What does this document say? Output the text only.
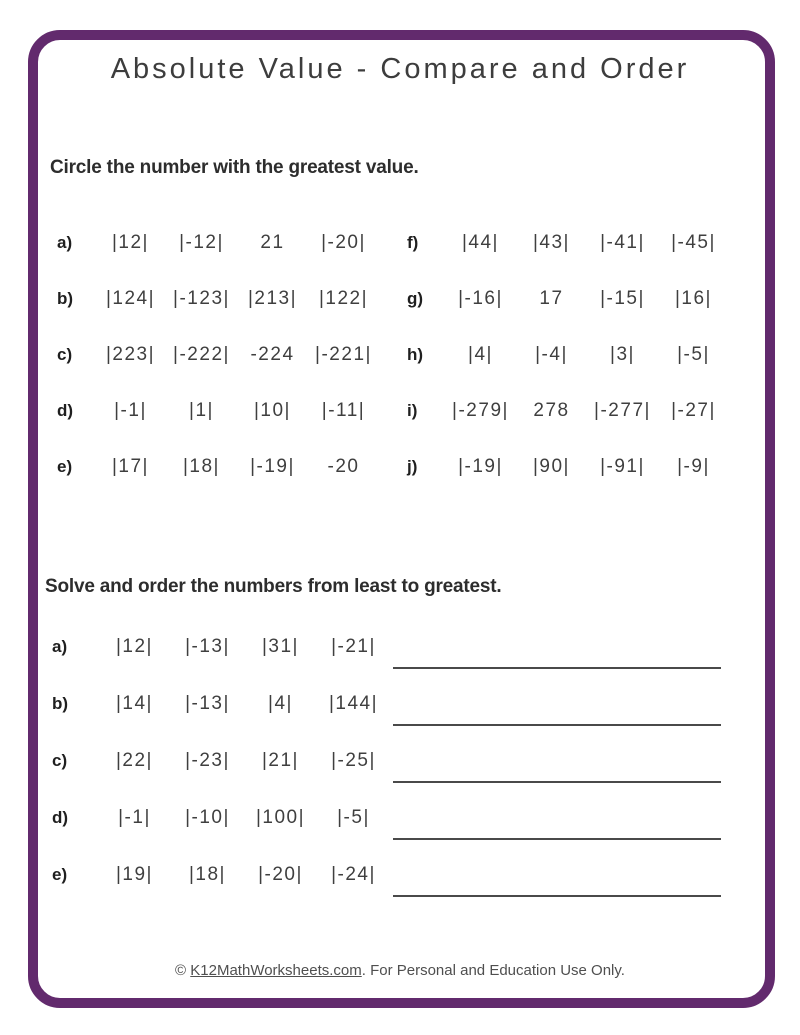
Absolute Value - Compare and Order
Circle the number with the greatest value.
a)	|12|	|-12|	21	|-20|
b)	|124| |-123| |213|	|122|
c)	|223| |-222|	-224	|-221|
d)	|-1|	|1|	|10|	|-11|
e)	|17|	|18|	|-19|	-20
f)	|44|	|43|	|-41|	|-45|
g)	|-16|	17	|-15|	|16|
h)	|4|	|-4|	|3|	|-5|
i)	|-279|	278	|-277|	|-27|
j)	|-19|	|90|	|-91|	|-9|
Solve and order the numbers from least to greatest.
a)	|12|	|-13|	|31|	|-21|
b)	|14|	|-13|	|4|	|144|
c)	|22|	|-23|	|21|	|-25|
d)	|-1|	|-10|	|100|	|-5|
e)	|19|	|18|	|-20|	|-24|
© K12MathWorksheets.com. For Personal and Education Use Only.
